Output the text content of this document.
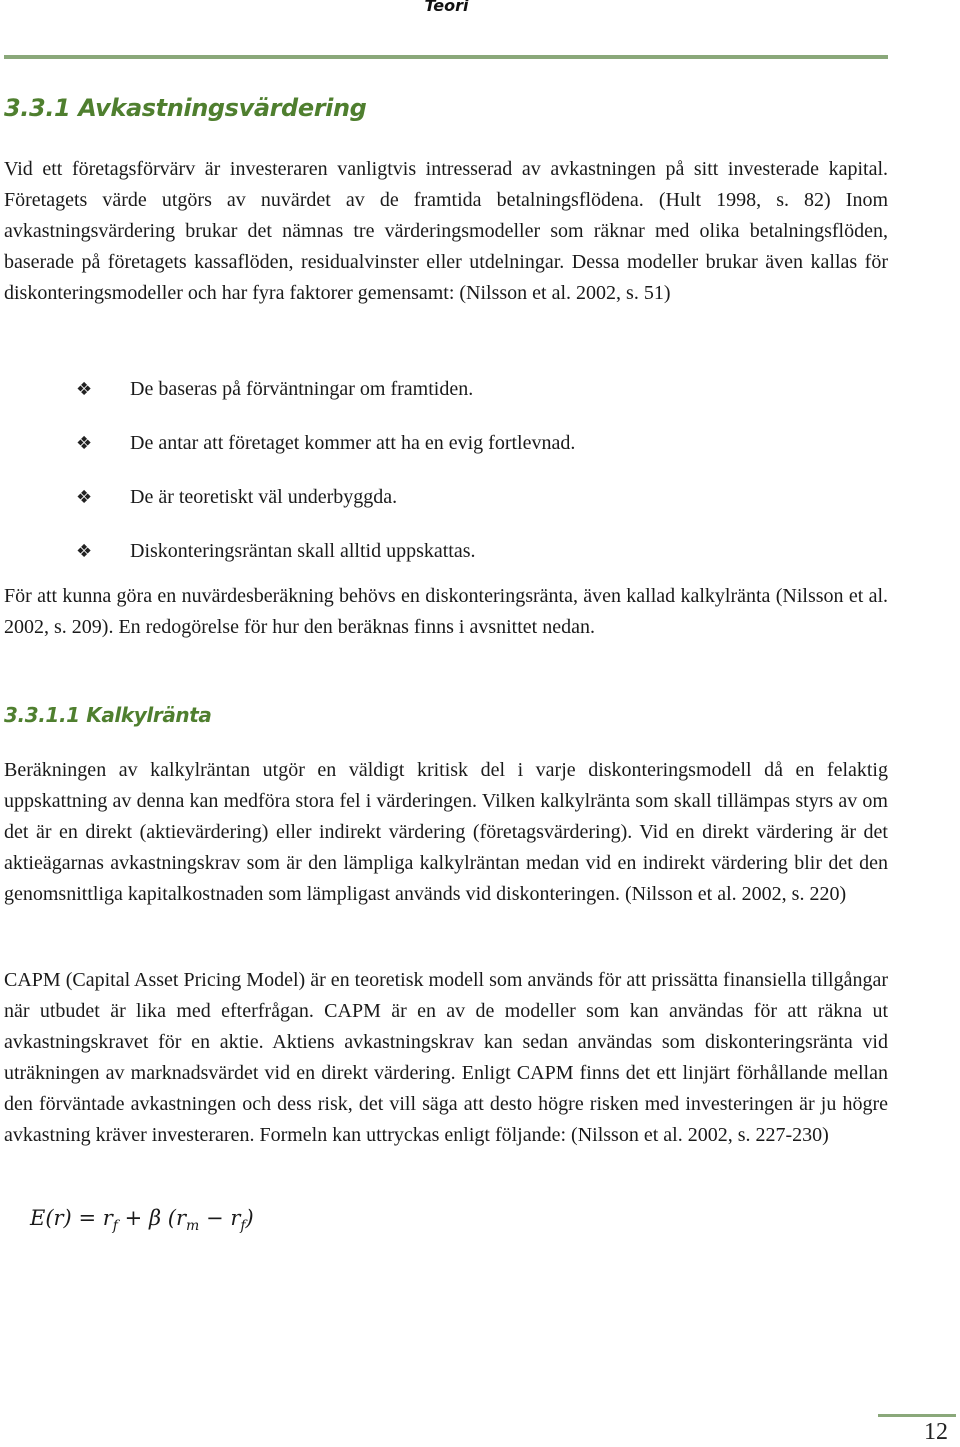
Teori
3.3.1 Avkastningsvärdering

Vid ett företagsförvärv är investeraren vanligtvis intresserad av avkastningen på sitt investerade kapital. Företagets värde utgörs av nuvärdet av de framtida betalningsflödena. (Hult 1998, s. 82) Inom avkastningsvärdering brukar det nämnas tre värderingsmodeller som räknar med olika betalningsflöden, baserade på företagets kassaflöden, residualvinster eller utdelningar. Dessa modeller brukar även kallas för diskonteringsmodeller och har fyra faktorer gemensamt: (Nilsson et al. 2002, s. 51)

❖	De baseras på förväntningar om framtiden.
❖	De antar att företaget kommer att ha en evig fortlevnad.
❖	De är teoretiskt väl underbyggda.
❖	Diskonteringsräntan skall alltid uppskattas.

För att kunna göra en nuvärdesberäkning behövs en diskonteringsränta, även kallad kalkylränta (Nilsson et al. 2002, s. 209). En redogörelse för hur den beräknas finns i avsnittet nedan.

3.3.1.1 Kalkylränta

Beräkningen av kalkylräntan utgör en väldigt kritisk del i varje diskonteringsmodell då en felaktig uppskattning av denna kan medföra stora fel i värderingen. Vilken kalkylränta som skall tillämpas styrs av om det är en direkt (aktievärdering) eller indirekt värdering (företagsvärdering). Vid en direkt värdering är det aktieägarnas avkastningskrav som är den lämpliga kalkylräntan medan vid en indirekt värdering blir det den genomsnittliga kapitalkostnaden som lämpligast används vid diskonteringen. (Nilsson et al. 2002, s. 220)

CAPM (Capital Asset Pricing Model) är en teoretisk modell som används för att prissätta finansiella tillgångar när utbudet är lika med efterfrågan. CAPM är en av de modeller som kan användas för att räkna ut avkastningskravet för en aktie. Aktiens avkastningskrav kan sedan användas som diskonteringsränta vid uträkningen av marknadsvärdet vid en direkt värdering. Enligt CAPM finns det ett linjärt förhållande mellan den förväntade avkastningen och dess risk, det vill säga att desto högre risken med investeringen är ju högre avkastning kräver investeraren. Formeln kan uttryckas enligt följande: (Nilsson et al. 2002, s. 227-230)

$E(r) = r_f + \beta$ $(r_m - r_f)$
12
